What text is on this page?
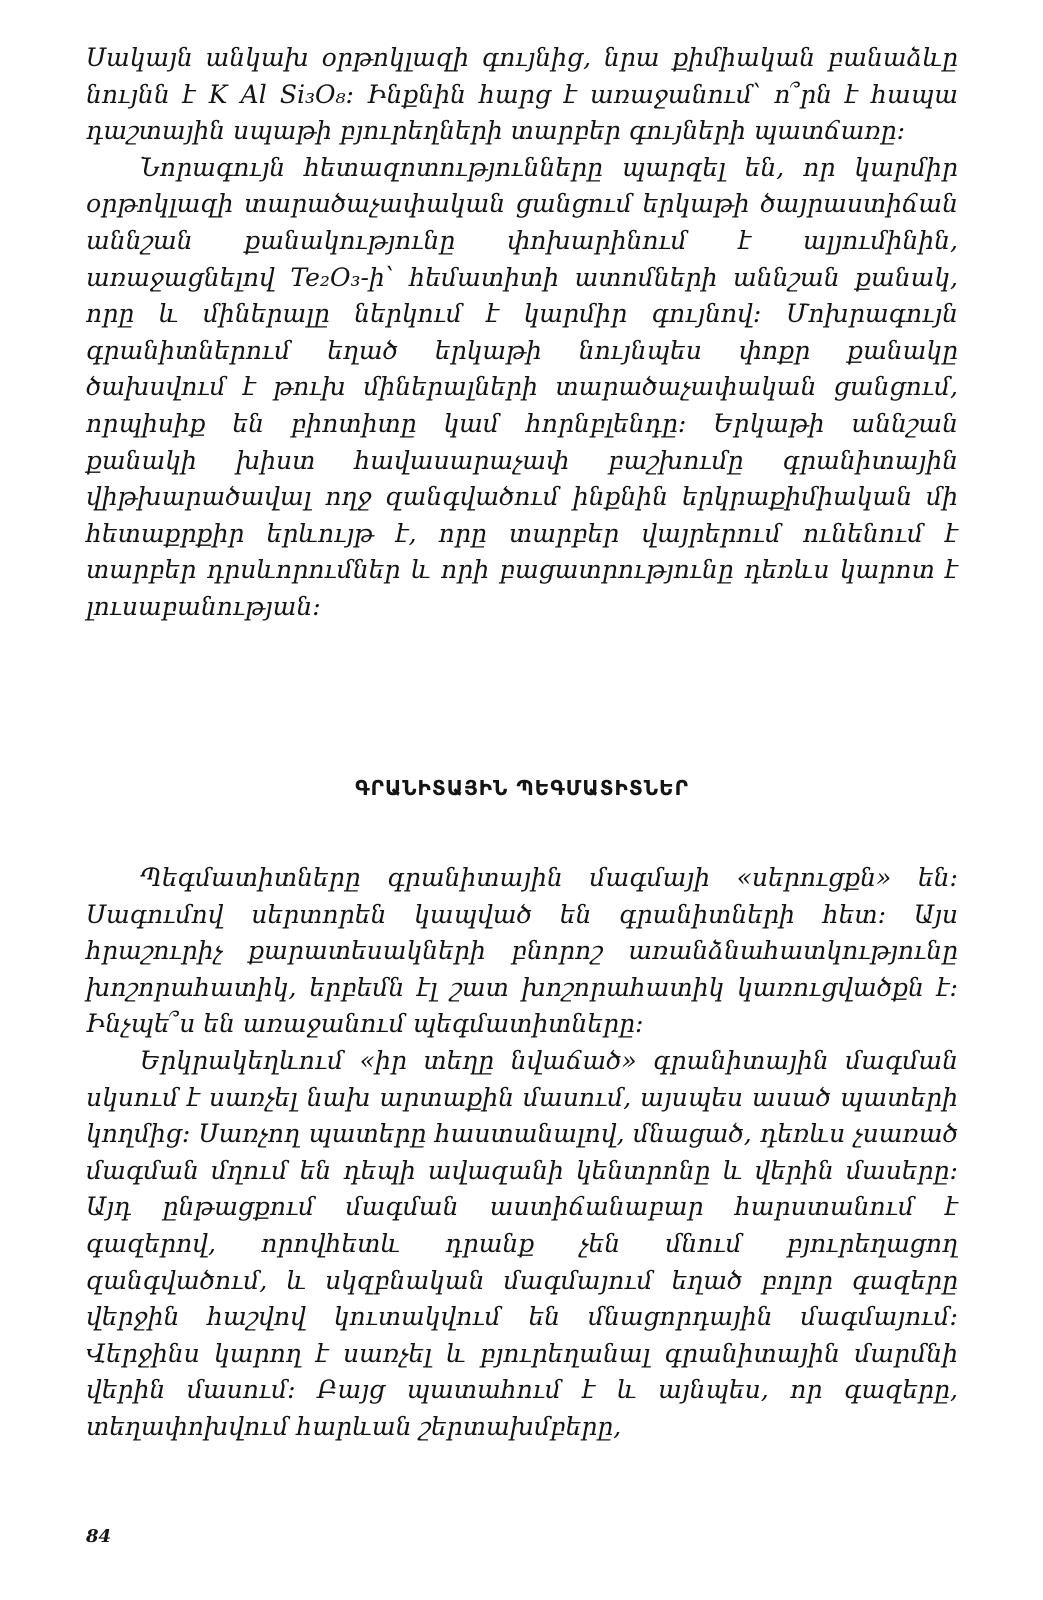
Սակայն անկախ օրթոկլազի գույնից, նրա քիմիական բանաձևը նույնն է K Al Si₃O₈։ Ինքնին հարց է առաջանում՝ ո՞րն է հապա դաշտային սպաթի բյուրեղների տարբեր գույների պատճառը։

Նորագույն հետազոտությունները պարզել են, որ կարմիր օրթոկլազի տարածաչափական ցանցում երկաթի ծայրաստիճան աննշան քանակությունը փոխարինում է ալյումինին, առաջացնելով Te₂O₃-ի՝ հեմատիտի ատոմների աննշան քանակ, որը և միներալը ներկում է կարմիր գույնով։ Մոխրագույն գրանիտներում եղած երկաթի նույնպես փոքր քանակը ծախսվում է թուխ միներալների տարածաչափական ցանցում, որպիսիք են բիոտիտը կամ հորնբլենդը։ Երկաթի աննշան քանակի խիստ հավասարաչափ բաշխումը գրանիտային վիթխարածավալ ողջ զանգվածում ինքնին երկրաքիմիական մի հետաքրքիր երևույթ է, որը տարբեր վայրերում ունենում է տարբեր դրսևորումներ և որի բացատրությունը դեռևս կարոտ է լուսաբանության։

ԳՐԱՆԻՏԱՅԻՆ ՊԵԳՄԱՏԻՏՆԵՐ

Պեգմատիտները գրանիտային մագմայի «սերուցքն» են։ Սագումով սերտորեն կապված են գրանիտների հետ։ Այս հրաշուրիչ քարատեսակների բնորոշ առանձնահատկությունը խոշորահատիկ, երբեմն էլ շատ խոշորահատիկ կառուցվածքն է։ Ինչպե՞ս են առաջանում պեգմատիտները։

Երկրակեղևում «իր տեղը նվաճած» գրանիտային մագման սկսում է սառչել նախ արտաքին մասում, այսպես ասած պատերի կողմից։ Սառչող պատերը հաստանալով, մնացած, դեռևս չսառած մագման մղում են դեպի ավազանի կենտրոնը և վերին մասերը։ Այդ ընթացքում մագման աստիճանաբար հարստանում է գազերով, որովհետև դրանք չեն մնում բյուրեղացող զանգվածում, և սկզբնական մագմայում եղած բոլոր գազերը վերջին հաշվով կուտակվում են մնացորդային մագմայում։ Վերջինս կարող է սառչել և բյուրեղանալ գրանիտային մարմնի վերին մասում։ Բայց պատահում է և այնպես, որ գազերը, տեղափոխվում հարևան շերտախմբերը,

84
